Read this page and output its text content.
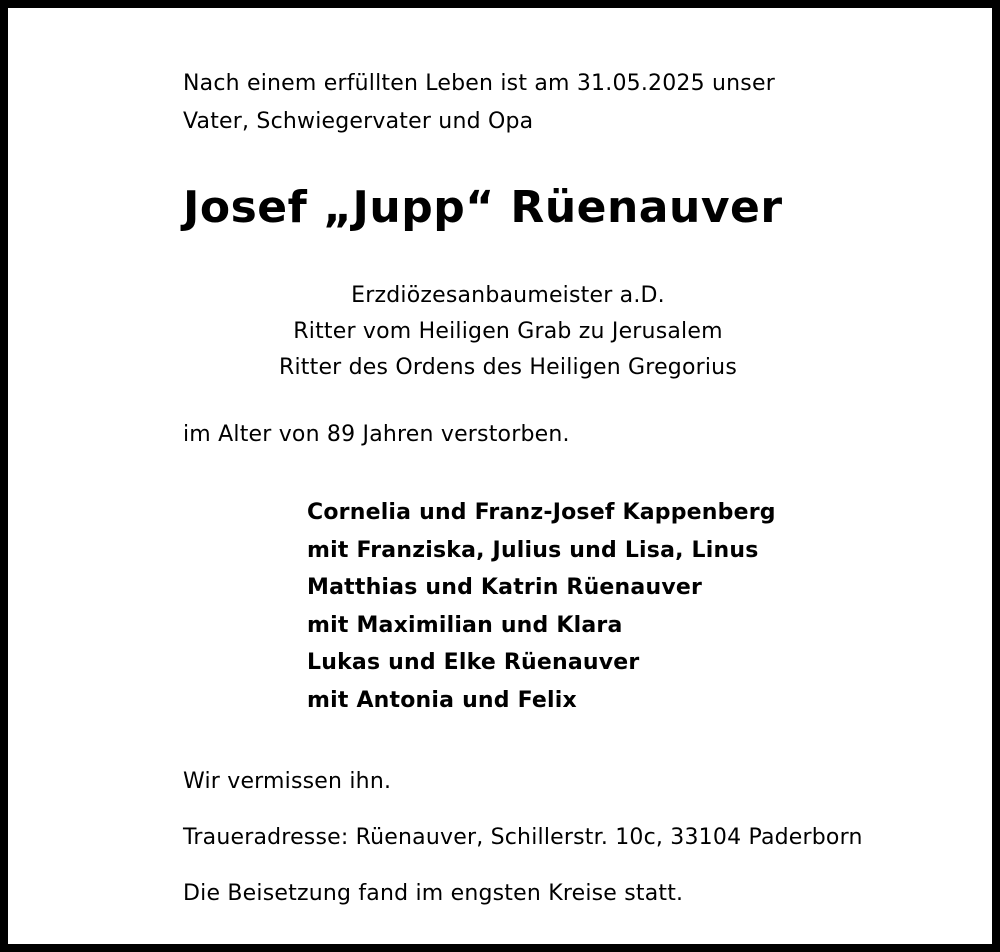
Nach einem erfüllten Leben ist am 31.05.2025 unser
Vater, Schwiegervater und Opa
Josef „Jupp“ Rüenauver
Erzdiözesanbaumeister a.D.
Ritter vom Heiligen Grab zu Jerusalem
Ritter des Ordens des Heiligen Gregorius
im Alter von 89 Jahren verstorben.
Cornelia und Franz-Josef Kappenberg
mit Franziska, Julius und Lisa, Linus
Matthias und Katrin Rüenauver
mit Maximilian und Klara
Lukas und Elke Rüenauver
mit Antonia und Felix
Wir vermissen ihn.
Traueradresse: Rüenauver, Schillerstr. 10c, 33104 Paderborn
Die Beisetzung fand im engsten Kreise statt.
